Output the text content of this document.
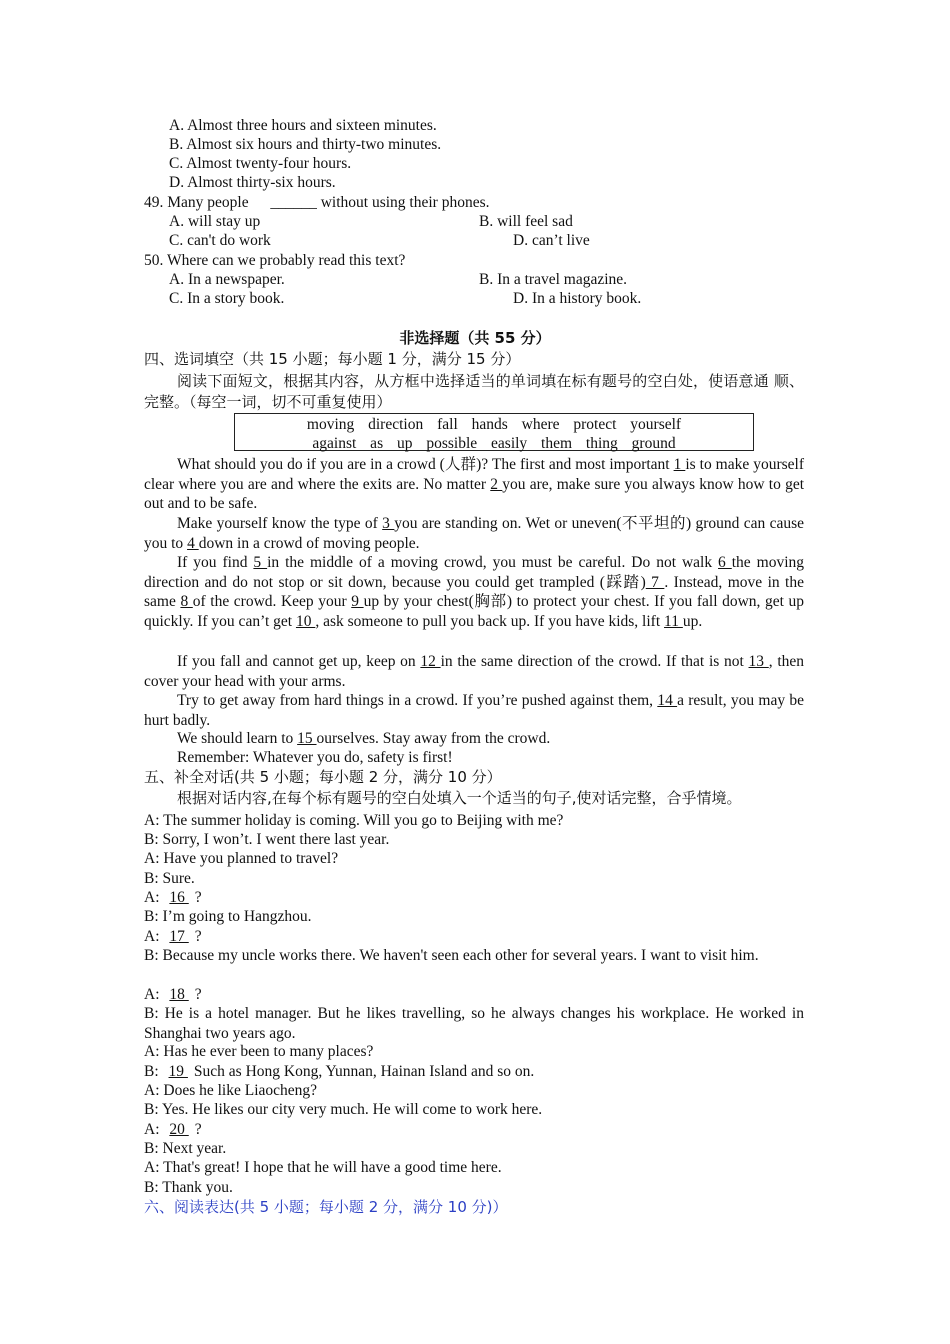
A. Almost three hours and sixteen minutes.
B. Almost six hours and thirty-two minutes.
C. Almost twenty-four hours.
D. Almost thirty-six hours.
49. Many people ______ without using their phones.
A. will stay up	B. will feel sad
C. can't do work	D. can’t live
50. Where can we probably read this text?
A. In a newspaper.	B. In a travel magazine.
C. In a story book.	D. In a history book.
非选择题（共 55 分）
四、选词填空（共 15 小题；每小题 1 分，满分 15 分）
阅读下面短文，根据其内容，从方框中选择适当的单词填在标有题号的空白处，使语意通 顺、完整。（每空一词，切不可重复使用）
moving direction fall hands where protect yourself
against as up possible easily them thing ground
What should you do if you are in a crowd (人群)? The first and most important 1 is to make yourself clear where you are and where the exits are. No matter 2 you are, make sure you always know how to get out and to be safe.
Make yourself know the type of 3 you are standing on. Wet or uneven(不平坦的) ground can cause you to 4 down in a crowd of moving people.
If you find 5 in the middle of a moving crowd, you must be careful. Do not walk 6 the moving direction and do not stop or sit down, because you could get trampled (踩踏) 7 . Instead, move in the same 8 of the crowd. Keep your 9 up by your chest(胸部) to protect your chest. If you fall down, get up quickly. If you can’t get 10 , ask someone to pull you back up. If you have kids, lift 11 up.
If you fall and cannot get up, keep on 12 in the same direction of the crowd. If that is not 13 , then cover your head with your arms.
Try to get away from hard things in a crowd. If you’re pushed against them, 14 a result, you may be hurt badly.
We should learn to 15 ourselves. Stay away from the crowd.
Remember: Whatever you do, safety is first!
五、补全对话(共 5 小题；每小题 2 分，满分 10 分）
根据对话内容,在每个标有题号的空白处填入一个适当的句子,使对话完整，合乎情境。
A: The summer holiday is coming. Will you go to Beijing with me?
B: Sorry, I won’t. I went there last year.
A: Have you planned to travel?
B: Sure.
A: 16 ?
B: I’m going to Hangzhou.
A: 17 ?
B: Because my uncle works there. We haven't seen each other for several years. I want to visit him.
A: 18 ?
B: He is a hotel manager. But he likes travelling, so he always changes his workplace. He worked in Shanghai two years ago.
A: Has he ever been to many places?
B: 19 Such as Hong Kong, Yunnan, Hainan Island and so on.
A: Does he like Liaocheng?
B: Yes. He likes our city very much. He will come to work here.
A: 20 ?
B: Next year.
A: That's great! I hope that he will have a good time here.
B: Thank you.
六、阅读表达(共 5 小题；每小题 2 分，满分 10 分)）
